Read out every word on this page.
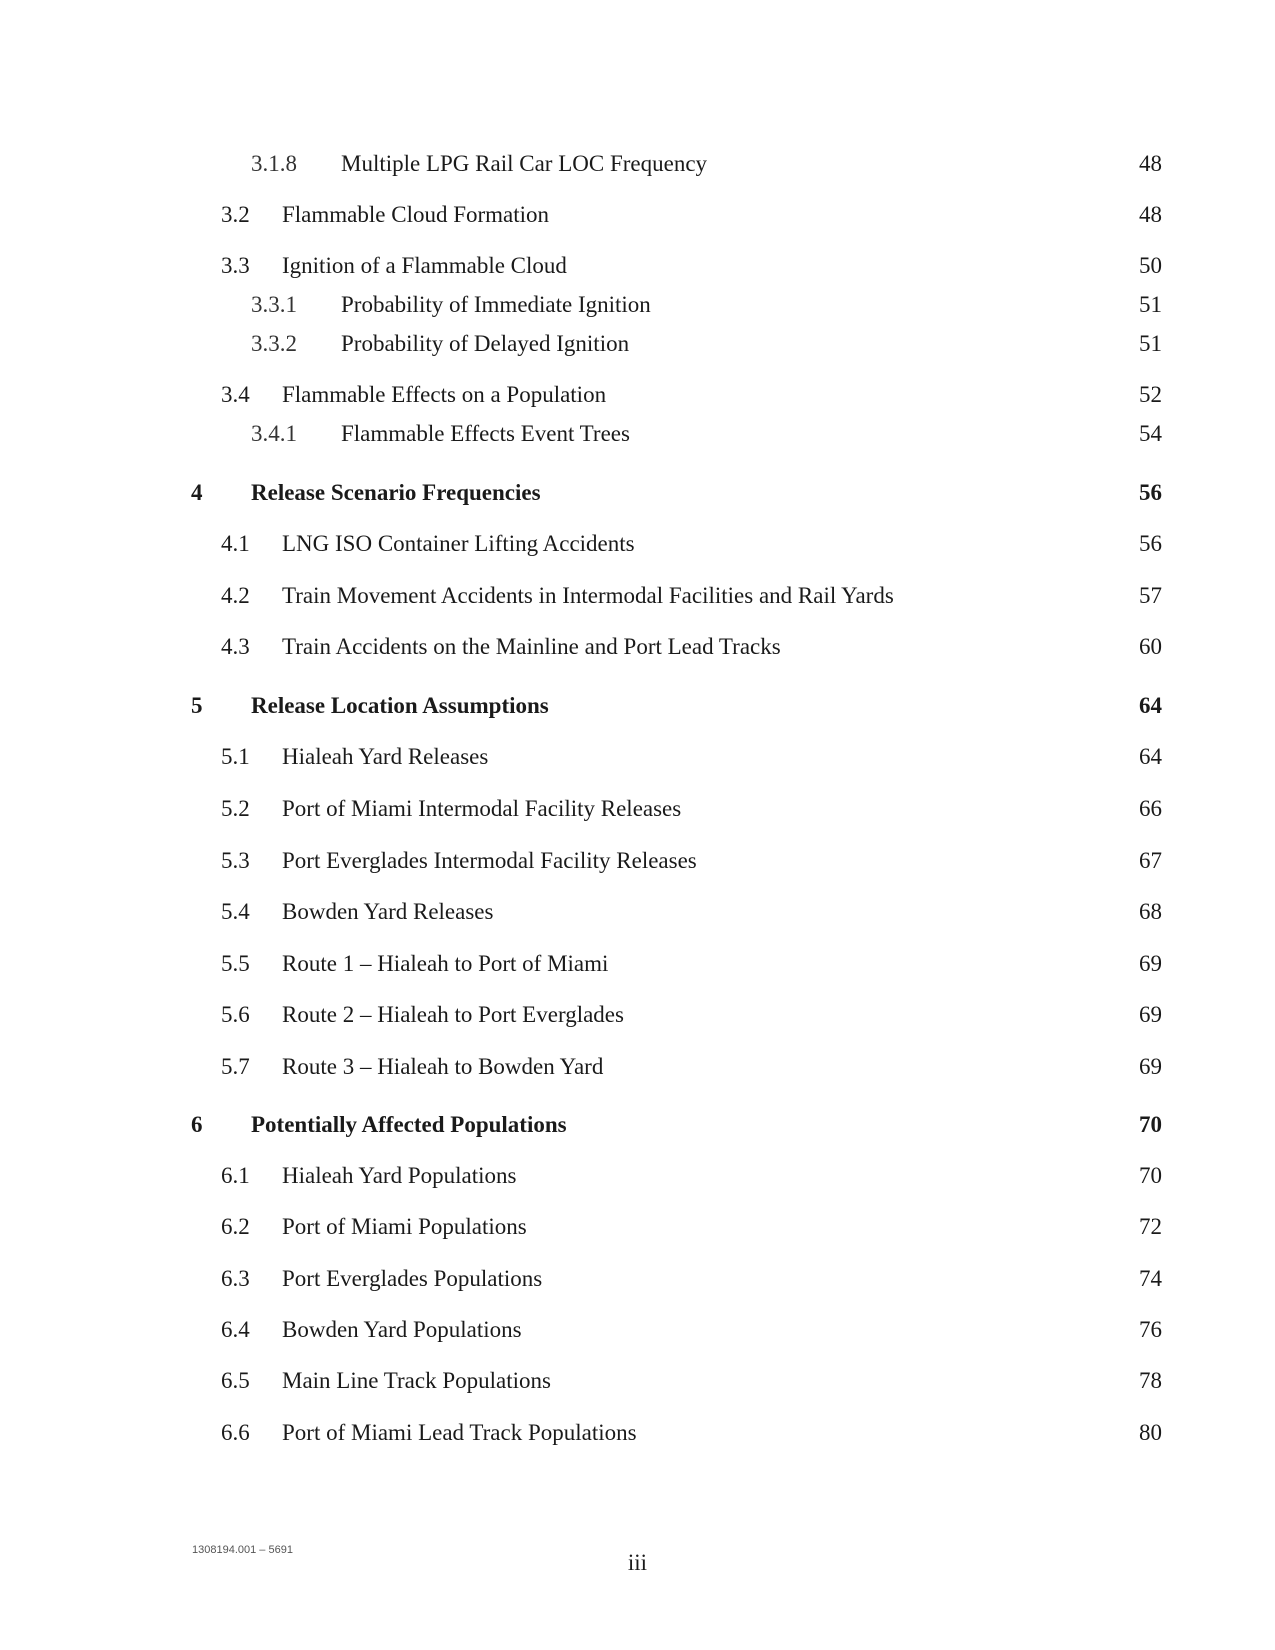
3.1.8 Multiple LPG Rail Car LOC Frequency	48
3.2 Flammable Cloud Formation	48
3.3 Ignition of a Flammable Cloud	50
3.3.1 Probability of Immediate Ignition	51
3.3.2 Probability of Delayed Ignition	51
3.4 Flammable Effects on a Population	52
3.4.1 Flammable Effects Event Trees	54
4 Release Scenario Frequencies	56
4.1 LNG ISO Container Lifting Accidents	56
4.2 Train Movement Accidents in Intermodal Facilities and Rail Yards	57
4.3 Train Accidents on the Mainline and Port Lead Tracks	60
5 Release Location Assumptions	64
5.1 Hialeah Yard Releases	64
5.2 Port of Miami Intermodal Facility Releases	66
5.3 Port Everglades Intermodal Facility Releases	67
5.4 Bowden Yard Releases	68
5.5 Route 1 – Hialeah to Port of Miami	69
5.6 Route 2 – Hialeah to Port Everglades	69
5.7 Route 3 – Hialeah to Bowden Yard	69
6 Potentially Affected Populations	70
6.1 Hialeah Yard Populations	70
6.2 Port of Miami Populations	72
6.3 Port Everglades Populations	74
6.4 Bowden Yard Populations	76
6.5 Main Line Track Populations	78
6.6 Port of Miami Lead Track Populations	80
1308194.001 – 5691	iii
